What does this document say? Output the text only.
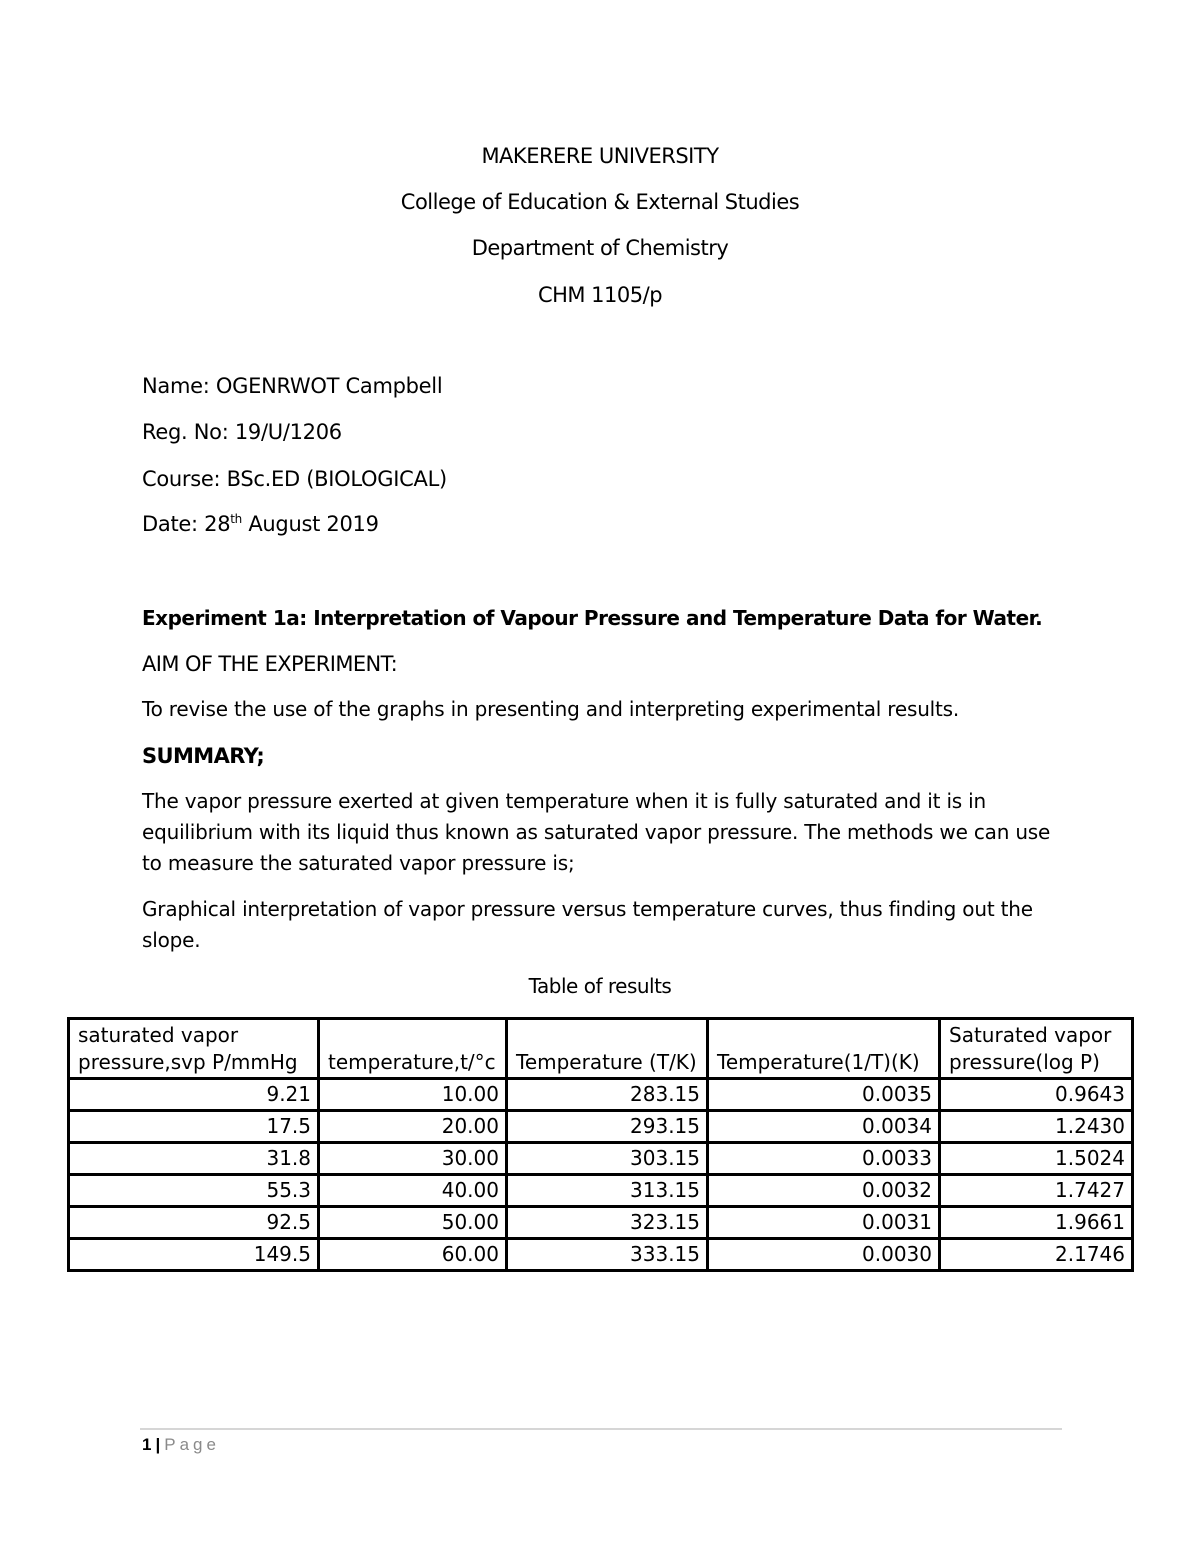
MAKERERE UNIVERSITY
College of Education & External Studies
Department of Chemistry
CHM 1105/p
Name: OGENRWOT Campbell
Reg. No: 19/U/1206
Course: BSc.ED (BIOLOGICAL)
Date: 28th August 2019
Experiment 1a: Interpretation of Vapour Pressure and Temperature Data for Water.
AIM OF THE EXPERIMENT:
To revise the use of the graphs in presenting and interpreting experimental results.
SUMMARY;
The vapor pressure exerted at given temperature when it is fully saturated and it is in equilibrium with its liquid thus known as saturated vapor pressure. The methods we can use to measure the saturated vapor pressure is;
Graphical interpretation of vapor pressure versus temperature curves, thus finding out the slope.
Table of results
saturated vapor pressure,svp P/mmHg	temperature,t/°c	Temperature (T/K)	Temperature(1/T)(K)	Saturated vapor pressure(log P)
9.21	10.00	283.15	0.0035	0.9643
17.5	20.00	293.15	0.0034	1.2430
31.8	30.00	303.15	0.0033	1.5024
55.3	40.00	313.15	0.0032	1.7427
92.5	50.00	323.15	0.0031	1.9661
149.5	60.00	333.15	0.0030	2.1746
1 | Page
